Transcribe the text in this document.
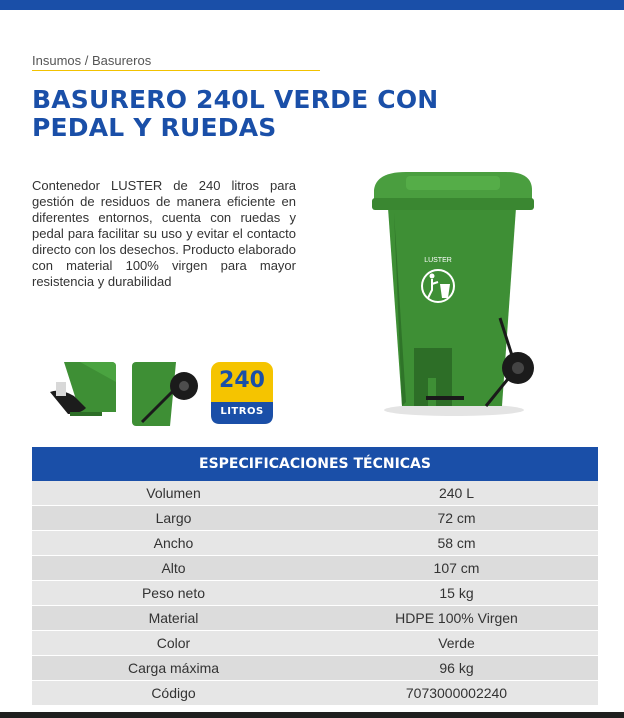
Insumos / Basureros
BASURERO 240L VERDE CON PEDAL Y RUEDAS
Contenedor LUSTER de 240 litros para gestión de residuos de manera eficiente en diferentes entornos, cuenta con ruedas y pedal para facilitar su uso y evitar el contacto directo con los desechos. Producto elaborado con material 100% virgen para mayor resistencia y durabilidad
LUSTER
240
LITROS
ESPECIFICACIONES TÉCNICAS
Volumen	240 L
Largo	72 cm
Ancho	58 cm
Alto	107 cm
Peso neto	15 kg
Material	HDPE 100% Virgen
Color	Verde
Carga máxima	96 kg
Código	7073000002240
